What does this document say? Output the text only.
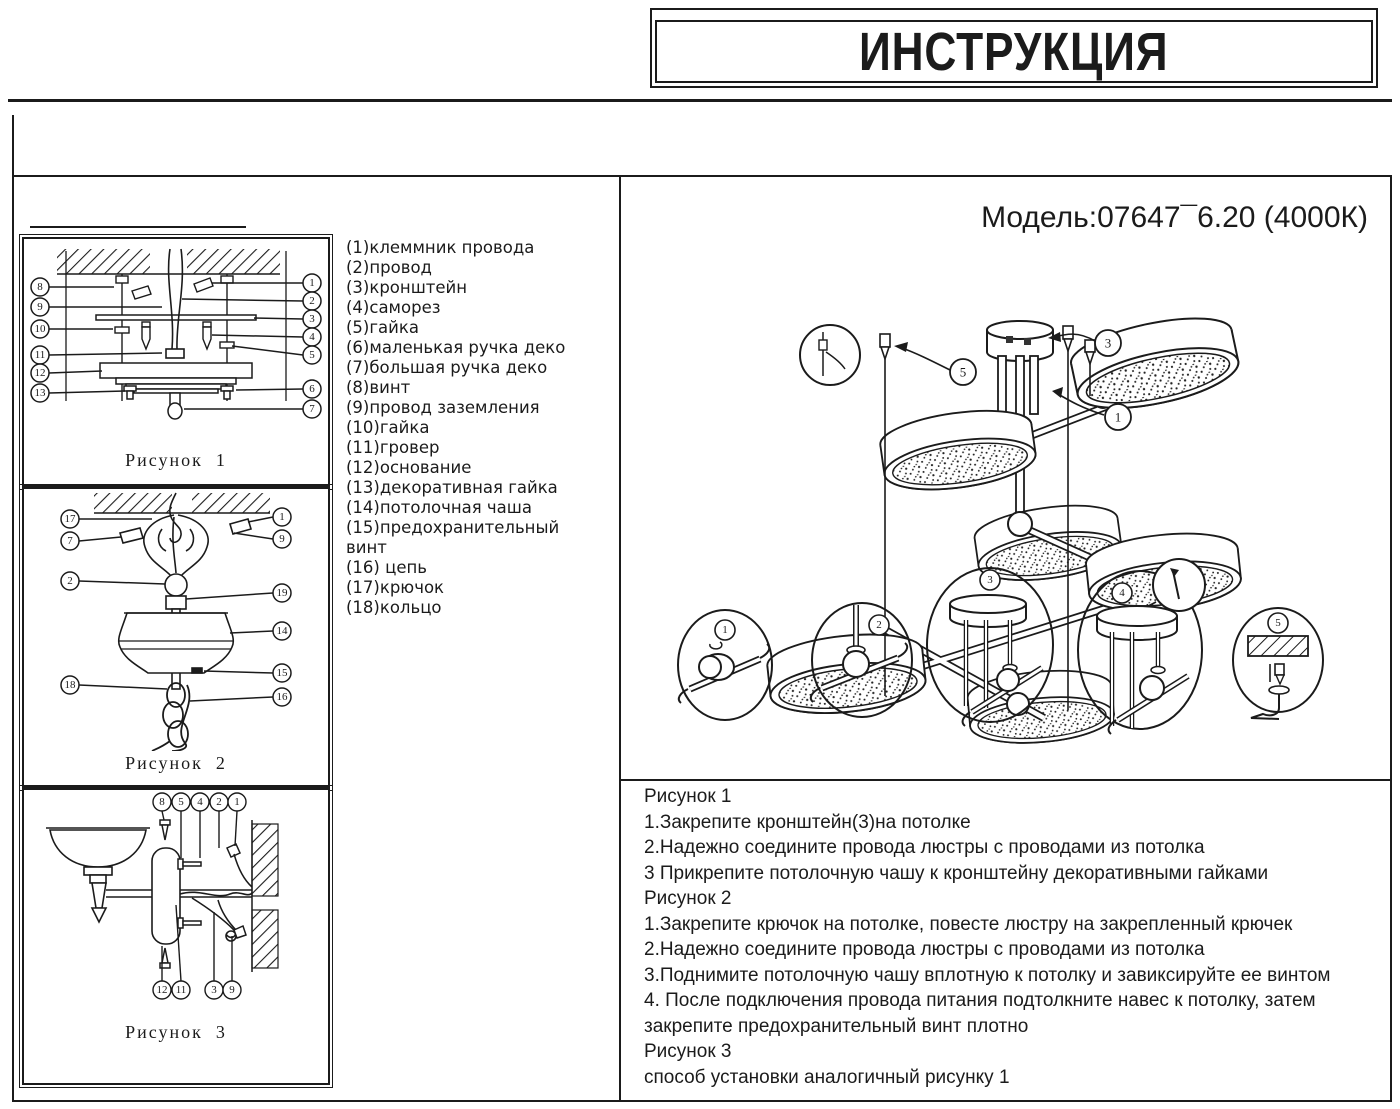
ИНСТРУКЦИЯ
Модель:07647¯6.20 (4000К)
8
9
10
11
12
13
1
2
3
4
5
6
7
Рисунок  1
17
7
2
18
1
9
19
14
15
16
Рисунок  2
8 5 4 2 1
12 11 3 9
Рисунок  3
(1)клеммник провода
(2)провод
(3)кронштейн
(4)саморез
(5)гайка
(6)маленькая ручка деко
(7)большая ручка деко
(8)винт
(9)провод заземления
(10)гайка
(11)гровер
(12)основание
(13)декоративная гайка
(14)потолочная чаша
(15)предохранительный
винт
(16) цепь
(17)крючок
(18)кольцо
3
5
1
1	2
3
4
5
Рисунок 1
1.Закрепите кронштейн(3)на потолке
2.Надежно соедините провода люстры с проводами из потолка
3 Прикрепите потолочную чашу к кронштейну декоративными гайками
Рисунок 2
1.Закрепите крючок на потолке, повесте люстру на закрепленный крючек
2.Надежно соедините провода люстры с проводами из потолка
3.Поднимите потолочную чашу вплотную к потолку и завиксируйте ее винтом
4. После подключения провода питания подтолкните навес к потолку, затем закрепите предохранительный винт плотно
Рисунок 3
способ установки аналогичный рисунку 1
